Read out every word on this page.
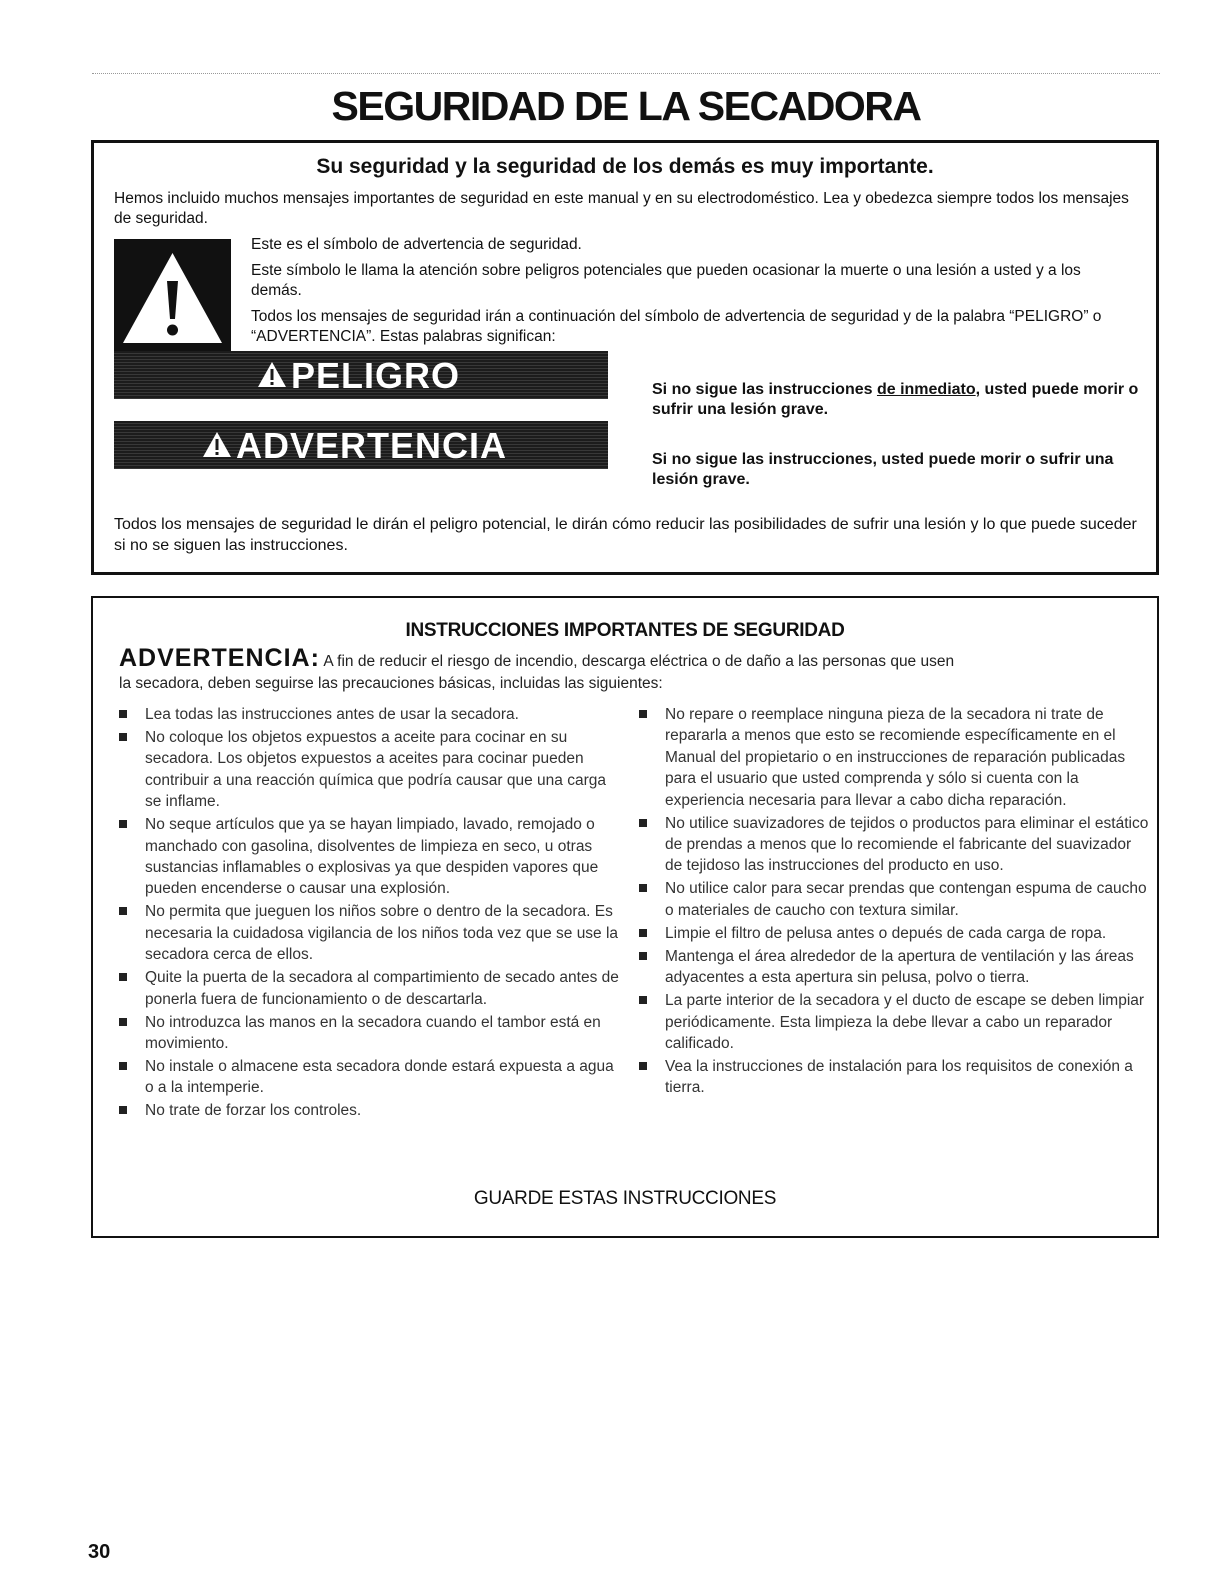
SEGURIDAD DE LA SECADORA
Su seguridad y la seguridad de los demás es muy importante.

Hemos incluido muchos mensajes importantes de seguridad en este manual y en su electrodoméstico. Lea y obedezca siempre todos los mensajes de seguridad.

Este es el símbolo de advertencia de seguridad.

Este símbolo le llama la atención sobre peligros potenciales que pueden ocasionar la muerte o una lesión a usted y a los demás.

Todos los mensajes de seguridad irán a continuación del símbolo de advertencia de seguridad y de la palabra “PELIGRO” o “ADVERTENCIA”. Estas palabras significan:

PELIGRO	Si no sigue las instrucciones de inmediato, usted puede morir o sufrir una lesión grave.

ADVERTENCIA	Si no sigue las instrucciones, usted puede morir o sufrir una lesión grave.

Todos los mensajes de seguridad le dirán el peligro potencial, le dirán cómo reducir las posibilidades de sufrir una lesión y lo que puede suceder si no se siguen las instrucciones.

INSTRUCCIONES IMPORTANTES DE SEGURIDAD

ADVERTENCIA: A fin de reducir el riesgo de incendio, descarga eléctrica o de daño a las personas que usen

la secadora, deben seguirse las precauciones básicas, incluidas las siguientes:

Lea todas las instrucciones antes de usar la secadora.
No coloque los objetos expuestos a aceite para cocinar en su secadora. Los objetos expuestos a aceites para cocinar pueden contribuir a una reacción química que podría causar que una carga se inflame.
No seque artículos que ya se hayan limpiado, lavado, remojado o manchado con gasolina, disolventes de limpieza en seco, u otras sustancias inflamables o explosivas ya que despiden vapores que pueden encenderse o causar una explosión.
No permita que jueguen los niños sobre o dentro de la secadora. Es necesaria la cuidadosa vigilancia de los niños toda vez que se use la secadora cerca de ellos.
Quite la puerta de la secadora al compartimiento de secado antes de ponerla fuera de funcionamiento o de descartarla.
No introduzca las manos en la secadora cuando el tambor está en movimiento.
No instale o almacene esta secadora donde estará expuesta a agua o a la intemperie.
No trate de forzar los controles.
No repare o reemplace ninguna pieza de la secadora ni trate de repararla a menos que esto se recomiende específicamente en el Manual del propietario o en instrucciones de reparación publicadas para el usuario que usted comprenda y sólo si cuenta con la experiencia necesaria para llevar a cabo dicha reparación.
No utilice suavizadores de tejidos o productos para eliminar el estático de prendas a menos que lo recomiende el fabricante del suavizador de tejidoso las instrucciones del producto en uso.
No utilice calor para secar prendas que contengan espuma de caucho o materiales de caucho con textura similar.
Limpie el filtro de pelusa antes o depués de cada carga de ropa.
Mantenga el área alrededor de la apertura de ventilación y las áreas adyacentes a esta apertura sin pelusa, polvo o tierra.
La parte interior de la secadora y el ducto de escape se deben limpiar periódicamente. Esta limpieza la debe llevar a cabo un reparador calificado.
Vea la instrucciones de instalación para los requisitos de conexión a tierra.

GUARDE ESTAS INSTRUCCIONES

30
